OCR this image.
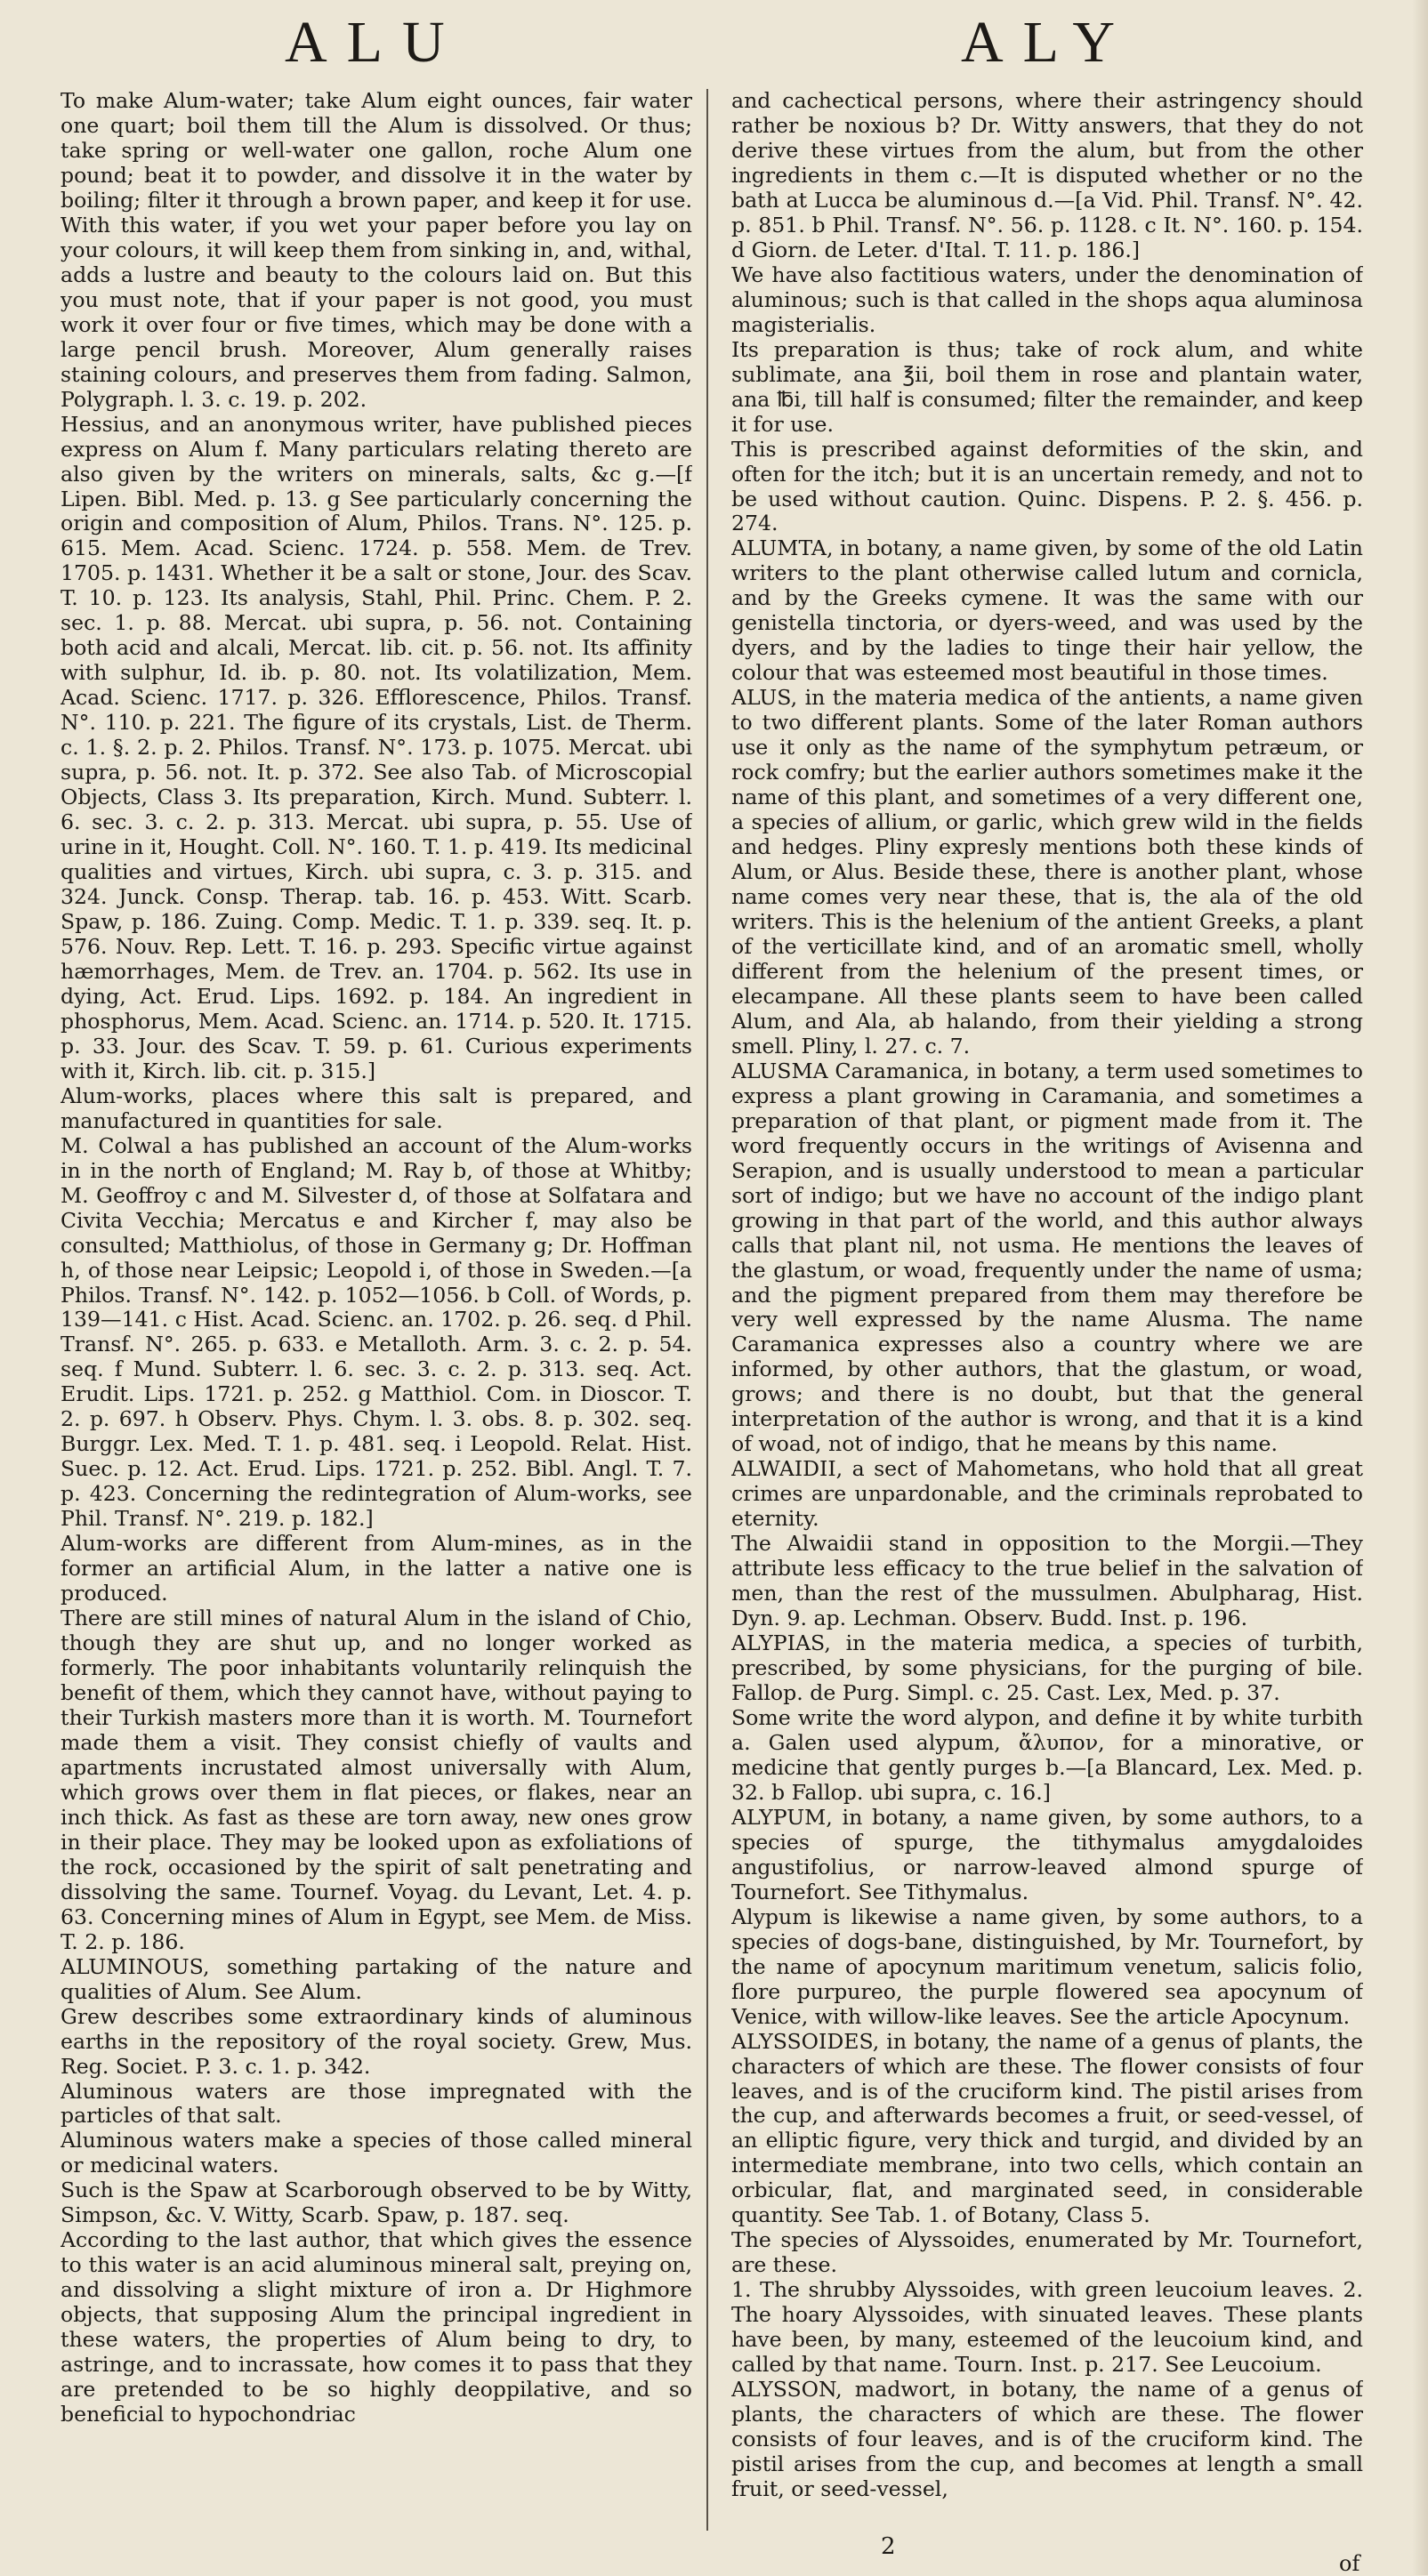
ALU	ALY

To make Alum-water; take Alum eight ounces, fair water one quart; boil them till the Alum is dissolved. Or thus; take spring or well-water one gallon, roche Alum one pound; beat it to powder, and dissolve it in the water by boiling; filter it through a brown paper, and keep it for use. With this water, if you wet your paper before you lay on your colours, it will keep them from sinking in, and, withal, adds a lustre and beauty to the colours laid on. But this you must note, that if your paper is not good, you must work it over four or five times, which may be done with a large pencil brush. Moreover, Alum generally raises staining colours, and preserves them from fading. Salmon, Polygraph. l. 3. c. 19. p. 202.

Hessius, and an anonymous writer, have published pieces express on Alum f. Many particulars relating thereto are also given by the writers on minerals, salts, &c g.—[f Lipen. Bibl. Med. p. 13. g See particularly concerning the origin and composition of Alum, Philos. Trans. N°. 125. p. 615. Mem. Acad. Scienc. 1724. p. 558. Mem. de Trev. 1705. p. 1431. Whether it be a salt or stone, Jour. des Scav. T. 10. p. 123. Its analysis, Stahl, Phil. Princ. Chem. P. 2. sec. 1. p. 88. Mercat. ubi supra, p. 56. not. Containing both acid and alcali, Mercat. lib. cit. p. 56. not. Its affinity with sulphur, Id. ib. p. 80. not. Its volatilization, Mem. Acad. Scienc. 1717. p. 326. Efflorescence, Philos. Transf. N°. 110. p. 221. The figure of its crystals, List. de Therm. c. 1. §. 2. p. 2. Philos. Transf. N°. 173. p. 1075. Mercat. ubi supra, p. 56. not. It. p. 372. See also Tab. of Microscopial Objects, Class 3. Its preparation, Kirch. Mund. Subterr. l. 6. sec. 3. c. 2. p. 313. Mercat. ubi supra, p. 55. Use of urine in it, Hought. Coll. N°. 160. T. 1. p. 419. Its medicinal qualities and virtues, Kirch. ubi supra, c. 3. p. 315. and 324. Junck. Consp. Therap. tab. 16. p. 453. Witt. Scarb. Spaw, p. 186. Zuing. Comp. Medic. T. 1. p. 339. seq. It. p. 576. Nouv. Rep. Lett. T. 16. p. 293. Specific virtue against hæmorrhages, Mem. de Trev. an. 1704. p. 562. Its use in dying, Act. Erud. Lips. 1692. p. 184. An ingredient in phosphorus, Mem. Acad. Scienc. an. 1714. p. 520. It. 1715. p. 33. Jour. des Scav. T. 59. p. 61. Curious experiments with it, Kirch. lib. cit. p. 315.]

Alum-works, places where this salt is prepared, and manufactured in quantities for sale.

M. Colwal a has published an account of the Alum-works in in the north of England; M. Ray b, of those at Whitby; M. Geoffroy c and M. Silvester d, of those at Solfatara and Civita Vecchia; Mercatus e and Kircher f, may also be consulted; Matthiolus, of those in Germany g; Dr. Hoffman h, of those near Leipsic; Leopold i, of those in Sweden.—[a Philos. Transf. N°. 142. p. 1052—1056. b Coll. of Words, p. 139—141. c Hist. Acad. Scienc. an. 1702. p. 26. seq. d Phil. Transf. N°. 265. p. 633. e Metalloth. Arm. 3. c. 2. p. 54. seq. f Mund. Subterr. l. 6. sec. 3. c. 2. p. 313. seq. Act. Erudit. Lips. 1721. p. 252. g Matthiol. Com. in Dioscor. T. 2. p. 697. h Observ. Phys. Chym. l. 3. obs. 8. p. 302. seq. Burggr. Lex. Med. T. 1. p. 481. seq. i Leopold. Relat. Hist. Suec. p. 12. Act. Erud. Lips. 1721. p. 252. Bibl. Angl. T. 7. p. 423. Concerning the redintegration of Alum-works, see Phil. Transf. N°. 219. p. 182.]

Alum-works are different from Alum-mines, as in the former an artificial Alum, in the latter a native one is produced.

There are still mines of natural Alum in the island of Chio, though they are shut up, and no longer worked as formerly. The poor inhabitants voluntarily relinquish the benefit of them, which they cannot have, without paying to their Turkish masters more than it is worth. M. Tournefort made them a visit. They consist chiefly of vaults and apartments incrustated almost universally with Alum, which grows over them in flat pieces, or flakes, near an inch thick. As fast as these are torn away, new ones grow in their place. They may be looked upon as exfoliations of the rock, occasioned by the spirit of salt penetrating and dissolving the same. Tournef. Voyag. du Levant, Let. 4. p. 63. Concerning mines of Alum in Egypt, see Mem. de Miss. T. 2. p. 186.

ALUMINOUS, something partaking of the nature and qualities of Alum. See Alum.

Grew describes some extraordinary kinds of aluminous earths in the repository of the royal society. Grew, Mus. Reg. Societ. P. 3. c. 1. p. 342.

Aluminous waters are those impregnated with the particles of that salt.

Aluminous waters make a species of those called mineral or medicinal waters.

Such is the Spaw at Scarborough observed to be by Witty, Simpson, &c. V. Witty, Scarb. Spaw, p. 187. seq.

According to the last author, that which gives the essence to this water is an acid aluminous mineral salt, preying on, and dissolving a slight mixture of iron a. Dr Highmore objects, that supposing Alum the principal ingredient in these waters, the properties of Alum being to dry, to astringe, and to incrassate, how comes it to pass that they are pretended to be so highly deoppilative, and so beneficial to hypochondriac

and cachectical persons, where their astringency should rather be noxious b? Dr. Witty answers, that they do not derive these virtues from the alum, but from the other ingredients in them c.—It is disputed whether or no the bath at Lucca be aluminous d.—[a Vid. Phil. Transf. N°. 42. p. 851. b Phil. Transf. N°. 56. p. 1128. c It. N°. 160. p. 154. d Giorn. de Leter. d'Ital. T. 11. p. 186.]

We have also factitious waters, under the denomination of aluminous; such is that called in the shops aqua aluminosa magisterialis.

Its preparation is thus; take of rock alum, and white sublimate, ana ℥ii, boil them in rose and plantain water, ana ℔i, till half is consumed; filter the remainder, and keep it for use.

This is prescribed against deformities of the skin, and often for the itch; but it is an uncertain remedy, and not to be used without caution. Quinc. Dispens. P. 2. §. 456. p. 274.

ALUMTA, in botany, a name given, by some of the old Latin writers to the plant otherwise called lutum and cornicla, and by the Greeks cymene. It was the same with our genistella tinctoria, or dyers-weed, and was used by the dyers, and by the ladies to tinge their hair yellow, the colour that was esteemed most beautiful in those times.

ALUS, in the materia medica of the antients, a name given to two different plants. Some of the later Roman authors use it only as the name of the symphytum petræum, or rock comfry; but the earlier authors sometimes make it the name of this plant, and sometimes of a very different one, a species of allium, or garlic, which grew wild in the fields and hedges. Pliny expresly mentions both these kinds of Alum, or Alus. Beside these, there is another plant, whose name comes very near these, that is, the ala of the old writers. This is the helenium of the antient Greeks, a plant of the verticillate kind, and of an aromatic smell, wholly different from the helenium of the present times, or elecampane. All these plants seem to have been called Alum, and Ala, ab halando, from their yielding a strong smell. Pliny, l. 27. c. 7.

ALUSMA Caramanica, in botany, a term used sometimes to express a plant growing in Caramania, and sometimes a preparation of that plant, or pigment made from it. The word frequently occurs in the writings of Avisenna and Serapion, and is usually understood to mean a particular sort of indigo; but we have no account of the indigo plant growing in that part of the world, and this author always calls that plant nil, not usma. He mentions the leaves of the glastum, or woad, frequently under the name of usma; and the pigment prepared from them may therefore be very well expressed by the name Alusma. The name Caramanica expresses also a country where we are informed, by other authors, that the glastum, or woad, grows; and there is no doubt, but that the general interpretation of the author is wrong, and that it is a kind of woad, not of indigo, that he means by this name.

ALWAIDII, a sect of Mahometans, who hold that all great crimes are unpardonable, and the criminals reprobated to eternity.

The Alwaidii stand in opposition to the Morgii.—They attribute less efficacy to the true belief in the salvation of men, than the rest of the mussulmen. Abulpharag, Hist. Dyn. 9. ap. Lechman. Observ. Budd. Inst. p. 196.

ALYPIAS, in the materia medica, a species of turbith, prescribed, by some physicians, for the purging of bile. Fallop. de Purg. Simpl. c. 25. Cast. Lex, Med. p. 37.

Some write the word alypon, and define it by white turbith a. Galen used alypum, ἄλυπον, for a minorative, or medicine that gently purges b.—[a Blancard, Lex. Med. p. 32. b Fallop. ubi supra, c. 16.]

ALYPUM, in botany, a name given, by some authors, to a species of spurge, the tithymalus amygdaloides angustifolius, or narrow-leaved almond spurge of Tournefort. See Tithymalus.

Alypum is likewise a name given, by some authors, to a species of dogs-bane, distinguished, by Mr. Tournefort, by the name of apocynum maritimum venetum, salicis folio, flore purpureo, the purple flowered sea apocynum of Venice, with willow-like leaves. See the article Apocynum.

ALYSSOIDES, in botany, the name of a genus of plants, the characters of which are these. The flower consists of four leaves, and is of the cruciform kind. The pistil arises from the cup, and afterwards becomes a fruit, or seed-vessel, of an elliptic figure, very thick and turgid, and divided by an intermediate membrane, into two cells, which contain an orbicular, flat, and marginated seed, in considerable quantity. See Tab. 1. of Botany, Class 5.

The species of Alyssoides, enumerated by Mr. Tournefort, are these.

1. The shrubby Alyssoides, with green leucoium leaves. 2. The hoary Alyssoides, with sinuated leaves. These plants have been, by many, esteemed of the leucoium kind, and called by that name. Tourn. Inst. p. 217. See Leucoium.

ALYSSON, madwort, in botany, the name of a genus of plants, the characters of which are these. The flower consists of four leaves, and is of the cruciform kind. The pistil arises from the cup, and becomes at length a small fruit, or seed-vessel,

2
of
